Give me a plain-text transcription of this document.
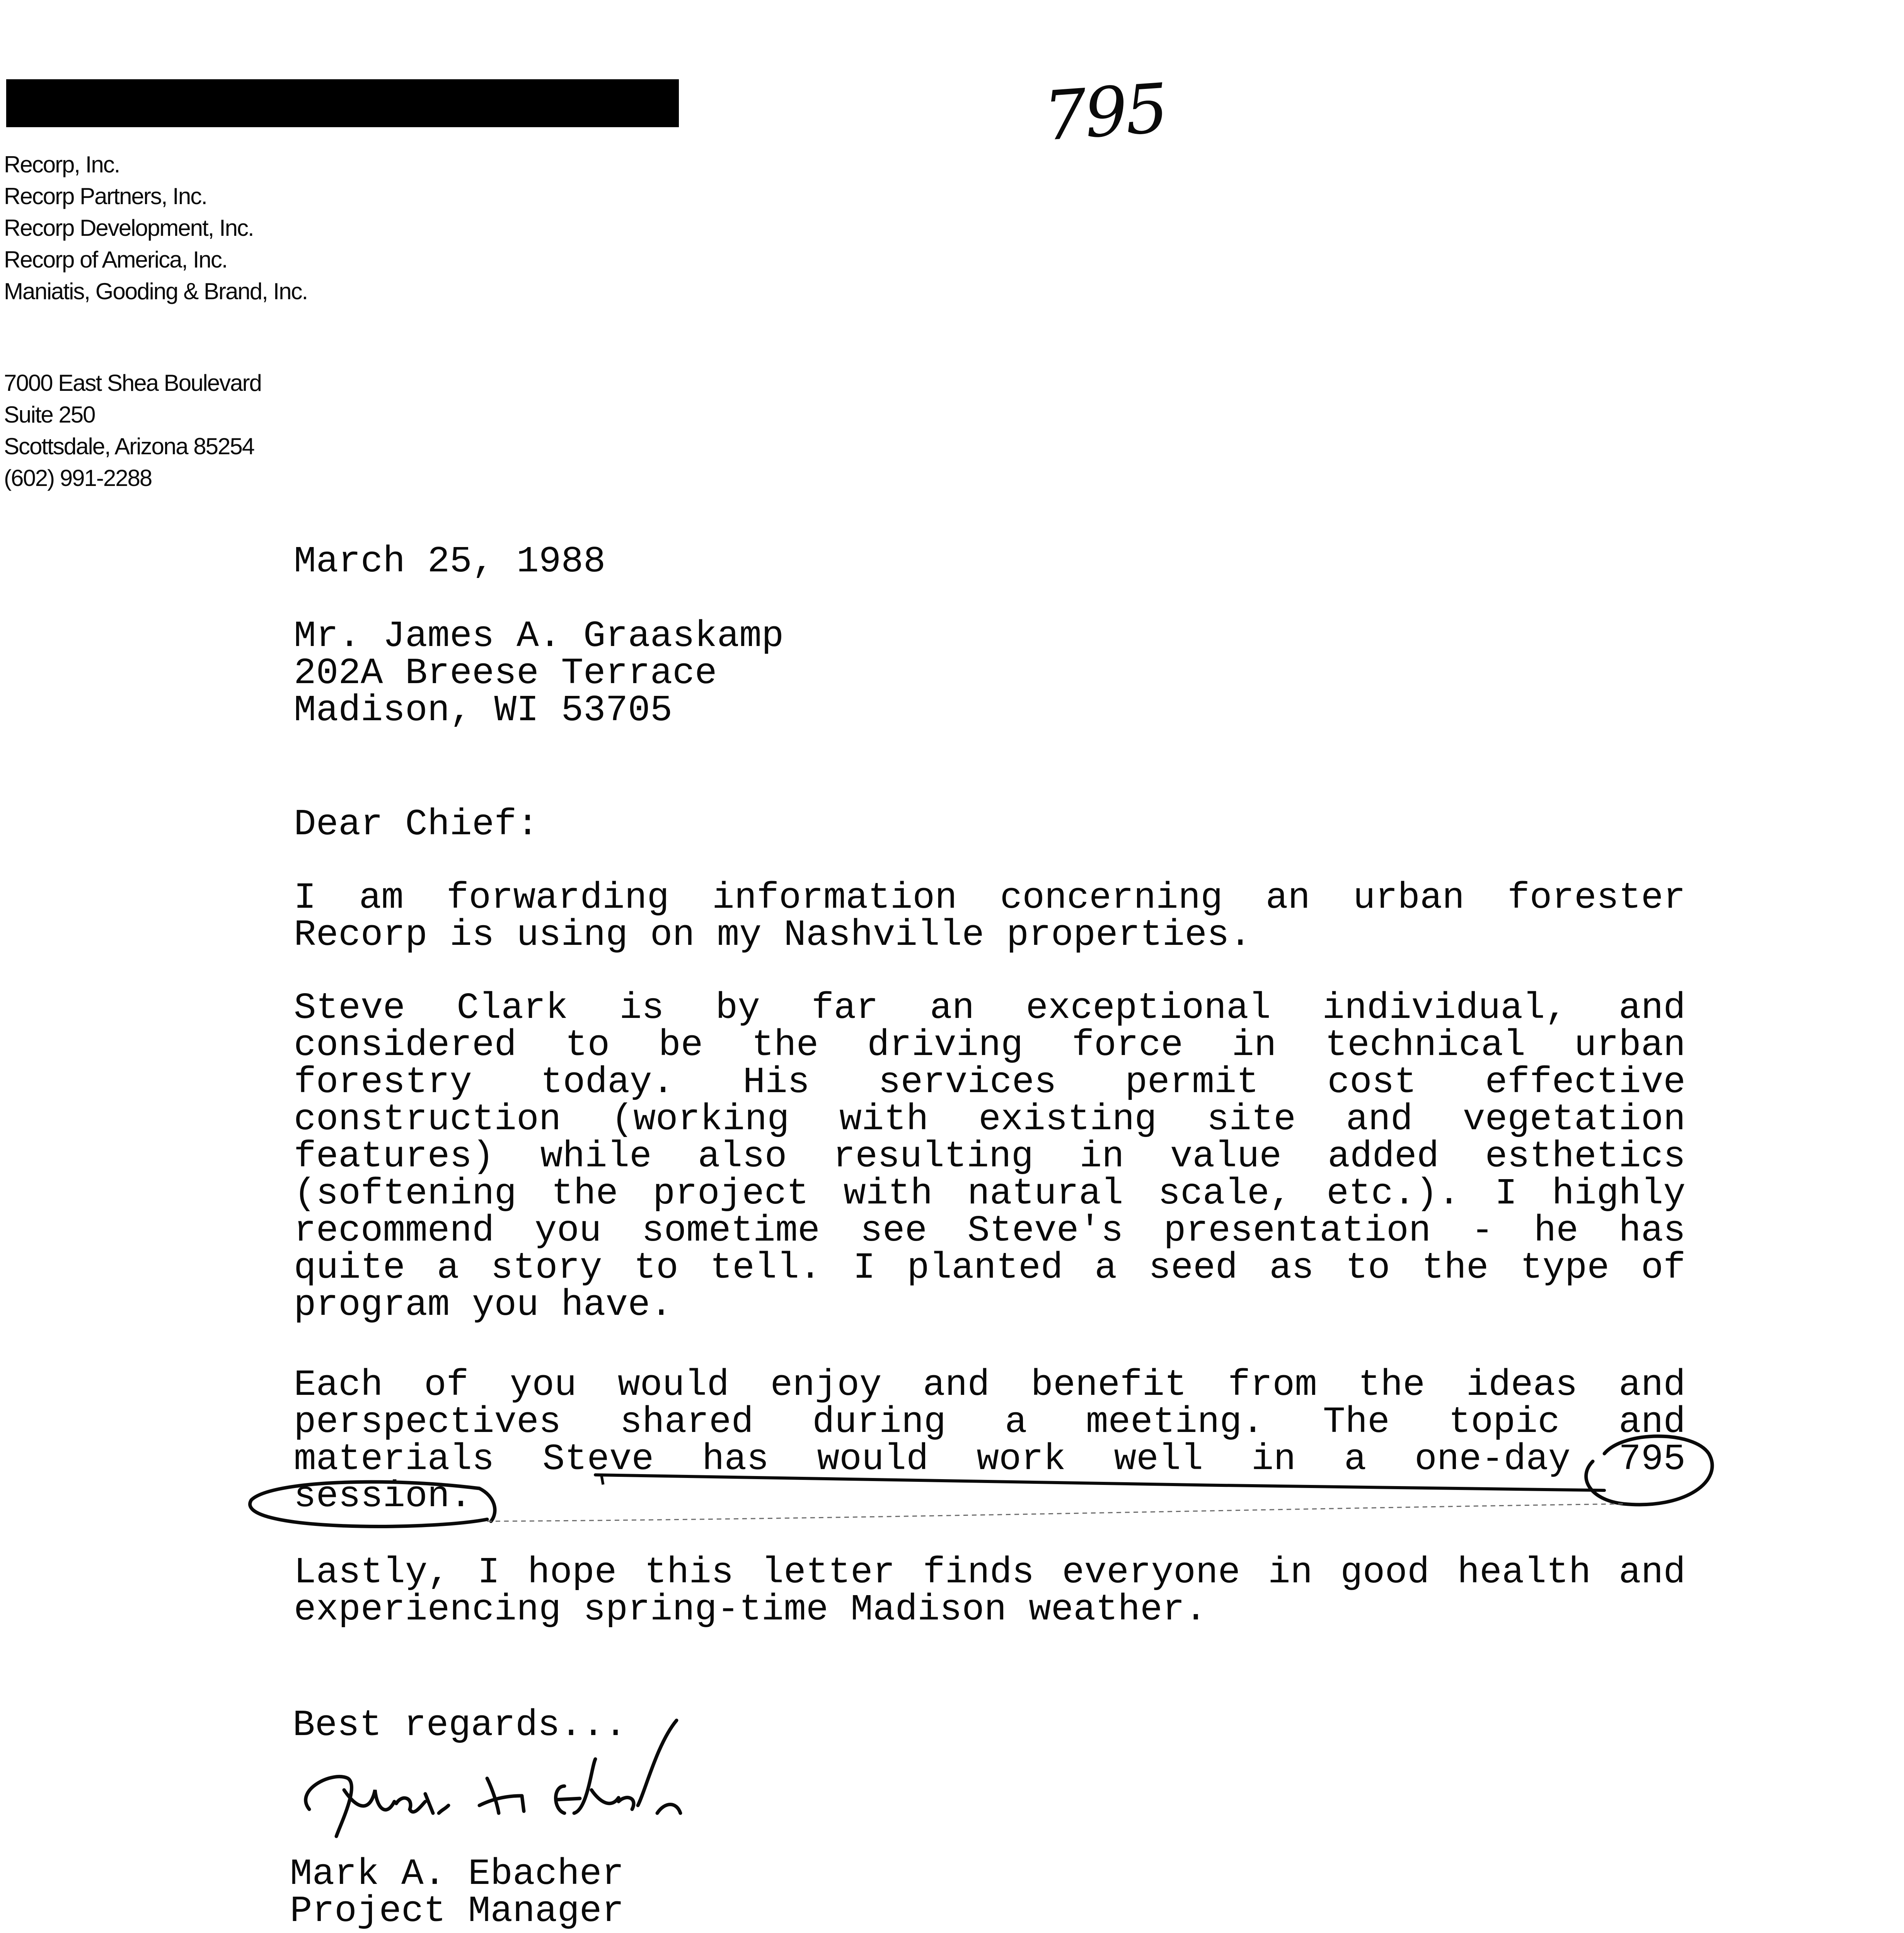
795
Recorp, Inc.
Recorp Partners, Inc.
Recorp Development, Inc.
Recorp of America, Inc.
Maniatis, Gooding & Brand, Inc.
7000 East Shea Boulevard
Suite 250
Scottsdale, Arizona 85254
(602) 991-2288
March 25, 1988
Mr. James A. Graaskamp
202A Breese Terrace
Madison, WI 53705
Dear Chief:

I am forwarding information concerning an urban forester

Recorp is using on my Nashville properties.

Steve Clark is by far an exceptional individual, and

considered to be the driving force in technical urban

forestry today. His services permit cost effective

construction (working with existing site and vegetation

features) while also resulting in value added esthetics

(softening the project with natural scale, etc.). I highly

recommend you sometime see Steve's presentation - he has

quite a story to tell. I planted a seed as to the type of

program you have.

Each of you would enjoy and benefit from the ideas and

perspectives shared during a meeting. The topic and

materials Steve has would work well in a one-day 795

session.

Lastly, I hope this letter finds everyone in good health and

experiencing spring-time Madison weather.

Best regards...
Mark A. Ebacher
Project Manager
